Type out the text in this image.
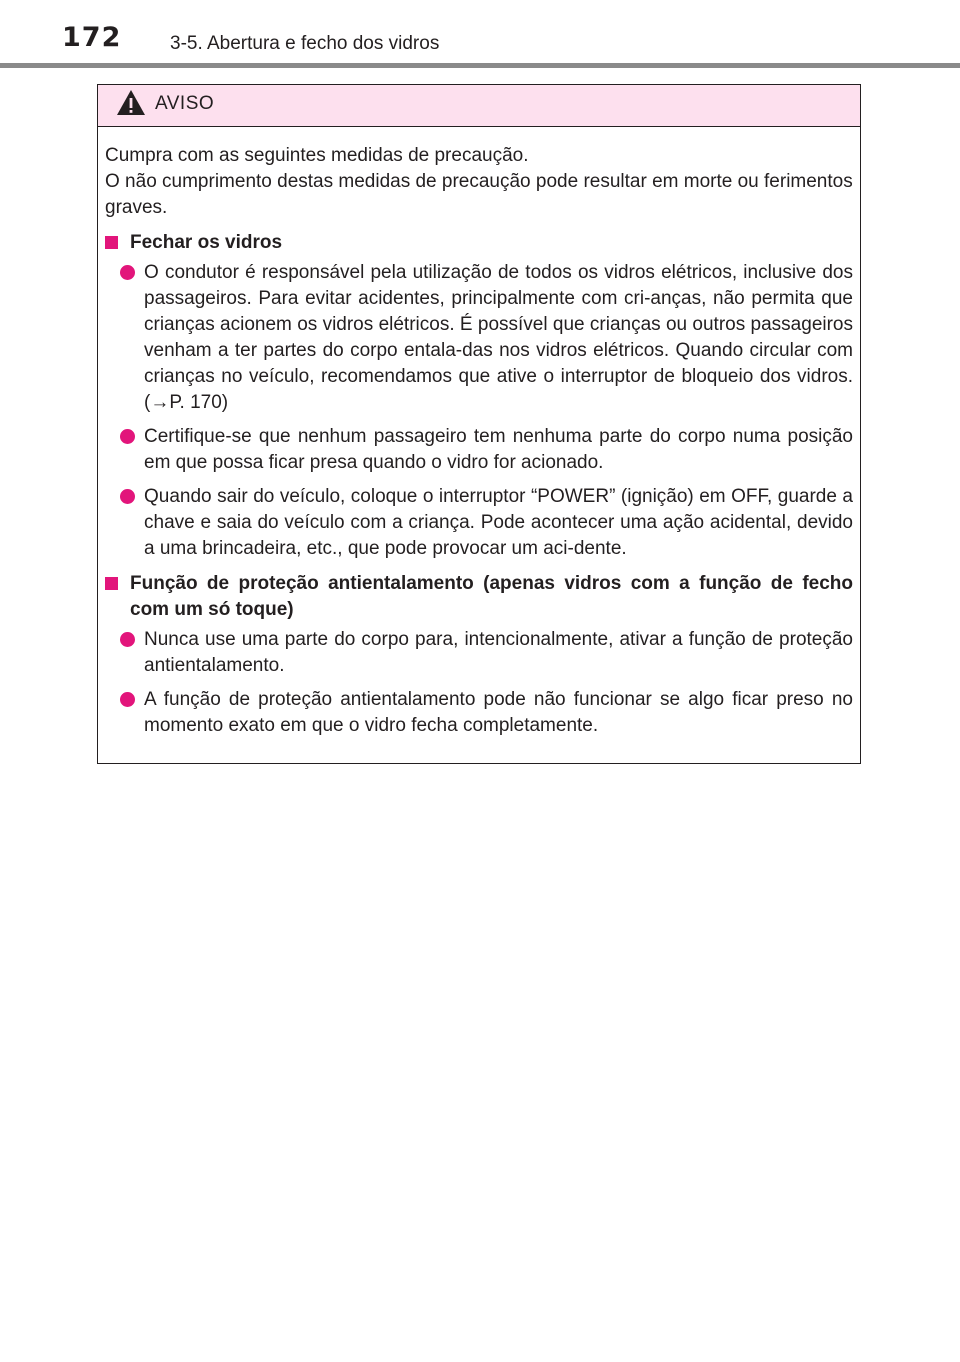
172	3-5. Abertura e fecho dos vidros
AVISO

Cumpra com as seguintes medidas de precaução.

O não cumprimento destas medidas de precaução pode resultar em morte ou ferimentos graves.

Fechar os vidros
O condutor é responsável pela utilização de todos os vidros elétricos, inclusive dos passageiros. Para evitar acidentes, principalmente com cri-anças, não permita que crianças acionem os vidros elétricos. É possível que crianças ou outros passageiros venham a ter partes do corpo entala-das nos vidros elétricos. Quando circular com crianças no veículo, recomendamos que ative o interruptor de bloqueio dos vidros. (→P. 170)
Certifique-se que nenhum passageiro tem nenhuma parte do corpo numa posição em que possa ficar presa quando o vidro for acionado.
Quando sair do veículo, coloque o interruptor “POWER” (ignição) em OFF, guarde a chave e saia do veículo com a criança. Pode acontecer uma ação acidental, devido a uma brincadeira, etc., que pode provocar um aci-dente.
Função de proteção antientalamento (apenas vidros com a função de fecho com um só toque)
Nunca use uma parte do corpo para, intencionalmente, ativar a função de proteção antientalamento.
A função de proteção antientalamento pode não funcionar se algo ficar preso no momento exato em que o vidro fecha completamente.
